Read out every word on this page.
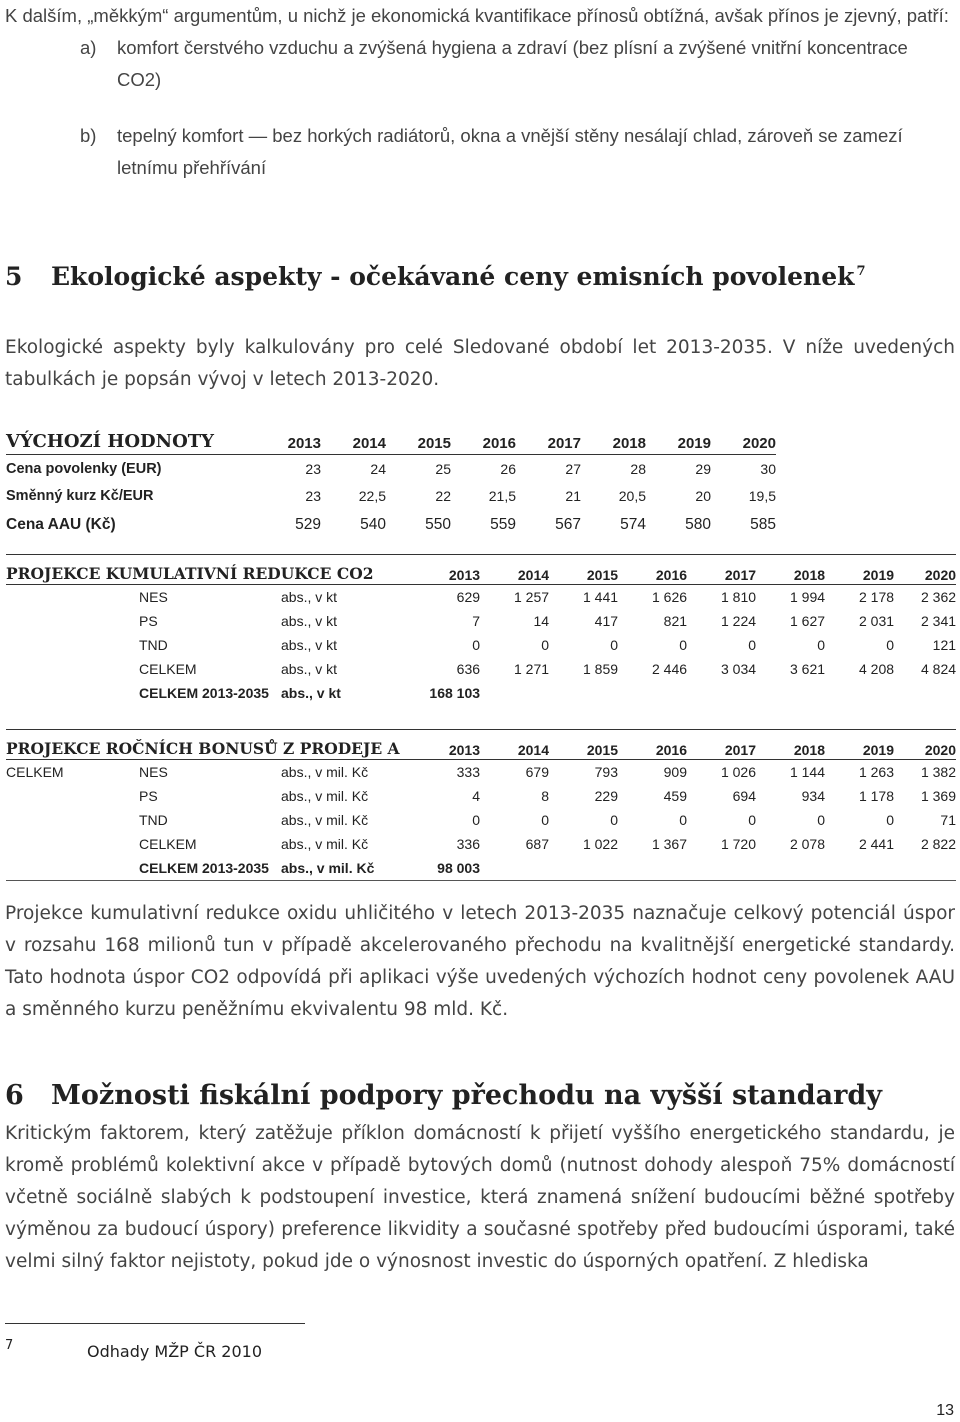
K dalším, „měkkým“ argumentům, u nichž je ekonomická kvantifikace přínosů obtížná, avšak přínos je zjevný, patří:

a) komfort čerstvého vzduchu a zvýšená hygiena a zdraví (bez plísní a zvýšené vnitřní koncentrace CO2)
b) tepelný komfort — bez horkých radiátorů, okna a vnější stěny nesálají chlad, zároveň se zamezí letnímu přehřívání
5 Ekologické aspekty - očekávané ceny emisních povolenek $^7$
Ekologické aspekty byly kalkulovány pro celé Sledované období let 2013-2035. V níže uvedených tabulkách je popsán vývoj v letech 2013-2020.
VÝCHOZÍ HODNOTY	2013	2014	2015	2016	2017	2018	2019	2020
Cena povolenky (EUR)	23	24	25	26	27	28	29	30
Směnný kurz Kč/EUR	23	22,5	22	21,5	21	20,5	20	19,5
Cena AAU (Kč)	529	540	550	559	567	574	580	585
PROJEKCE KUMULATIVNÍ REDUKCE CO2			2013	2014	2015	2016	2017	2018	2019	2020
	NES	abs., v kt	629	1 257	1 441	1 626	1 810	1 994	2 178	2 362
	PS	abs., v kt	7	14	417	821	1 224	1 627	2 031	2 341
	TND	abs., v kt	0	0	0	0	0	0	0	121
	CELKEM	abs., v kt	636	1 271	1 859	2 446	3 034	3 621	4 208	4 824
	CELKEM 2013-2035	abs., v kt	168 103							
PROJEKCE ROČNÍCH BONUSŮ Z PRODEJE A			2013	2014	2015	2016	2017	2018	2019	2020
CELKEM	NES	abs., v mil. Kč	333	679	793	909	1 026	1 144	1 263	1 382
	PS	abs., v mil. Kč	4	8	229	459	694	934	1 178	1 369
	TND	abs., v mil. Kč	0	0	0	0	0	0	0	71
	CELKEM	abs., v mil. Kč	336	687	1 022	1 367	1 720	2 078	2 441	2 822
	CELKEM 2013-2035	abs., v mil. Kč	98 003							
Projekce kumulativní redukce oxidu uhličitého v letech 2013-2035 naznačuje celkový potenciál úspor v rozsahu 168 milionů tun v případě akcelerovaného přechodu na kvalitnější energetické standardy. Tato hodnota úspor CO2 odpovídá při aplikaci výše uvedených výchozích hodnot ceny povolenek AAU a směnného kurzu peněžnímu ekvivalentu 98 mld. Kč.
6 Možnosti fiskální podpory přechodu na vyšší standardy
Kritickým faktorem, který zatěžuje příklon domácností k přijetí vyššího energetického standardu, je kromě problémů kolektivní akce v případě bytových domů (nutnost dohody alespoň 75% domácností včetně sociálně slabých k podstoupení investice, která znamená snížení budoucími běžné spotřeby výměnou za budoucí úspory) preference likvidity a současné spotřeby před budoucími úsporami, také velmi silný faktor nejistoty, pokud jde o výnosnost investic do úsporných opatření. Z hlediska
7	Odhady MŽP ČR 2010
13
